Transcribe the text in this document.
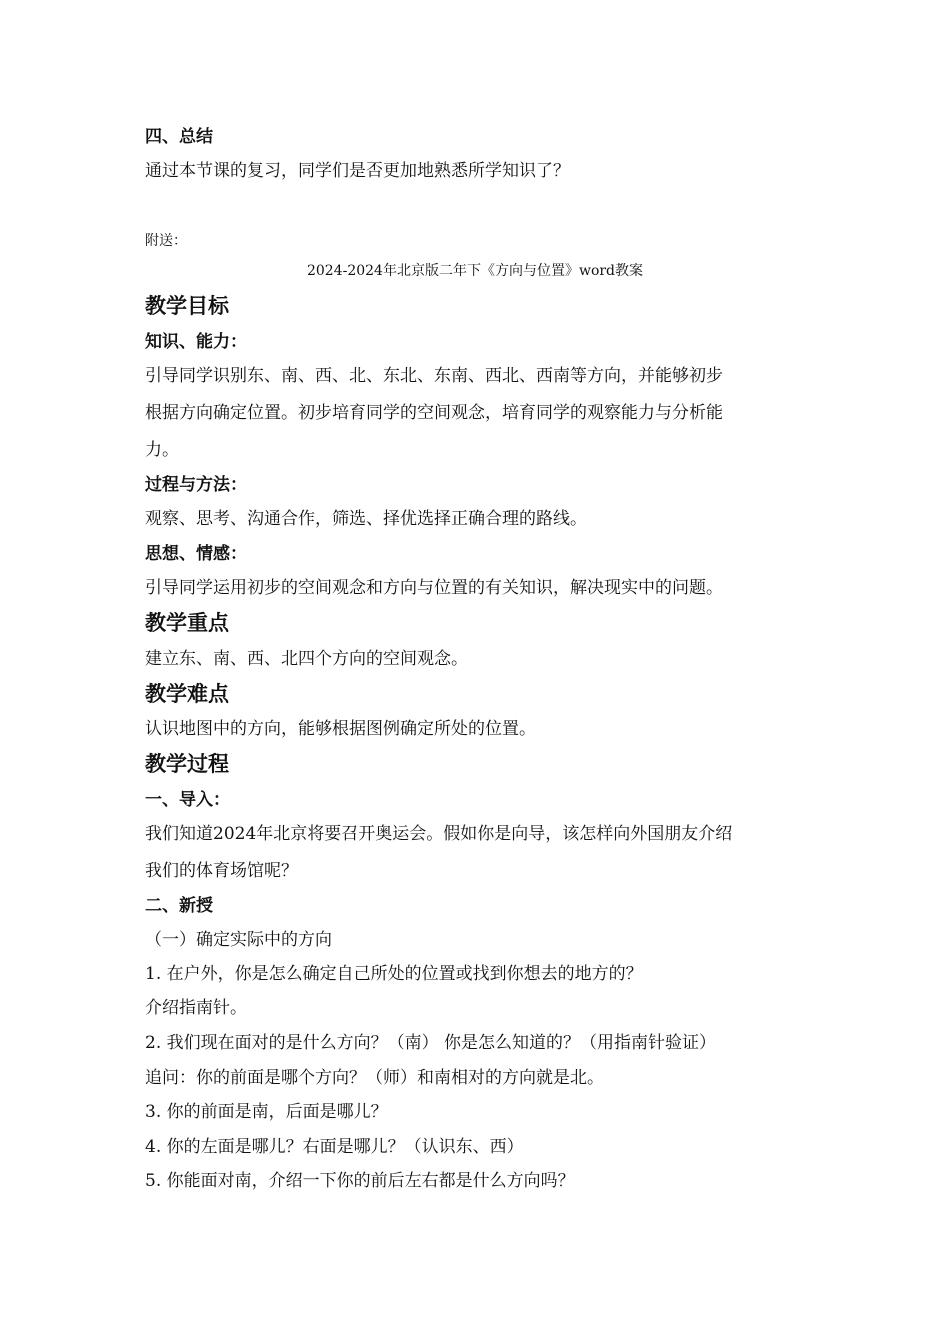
四、总结
通过本节课的复习，同学们是否更加地熟悉所学知识了？
附送：
2024-2024年北京版二年下《方向与位置》word教案
教学目标
知识、能力：
引导同学识别东、南、西、北、东北、东南、西北、西南等方向，并能够初步
根据方向确定位置。初步培育同学的空间观念，培育同学的观察能力与分析能
力。
过程与方法：
观察、思考、沟通合作，筛选、择优选择正确合理的路线。
思想、情感：
引导同学运用初步的空间观念和方向与位置的有关知识，解决现实中的问题。
教学重点
建立东、南、西、北四个方向的空间观念。
教学难点
认识地图中的方向，能够根据图例确定所处的位置。
教学过程
一、导入：
我们知道2024年北京将要召开奥运会。假如你是向导，该怎样向外国朋友介绍
我们的体育场馆呢？
二、新授
（一）确定实际中的方向
1. 在户外，你是怎么确定自己所处的位置或找到你想去的地方的？
介绍指南针。
2. 我们现在面对的是什么方向？（南） 你是怎么知道的？（用指南针验证）
追问：你的前面是哪个方向？（师）和南相对的方向就是北。
3. 你的前面是南，后面是哪儿？
4. 你的左面是哪儿？右面是哪儿？（认识东、西）
5. 你能面对南，介绍一下你的前后左右都是什么方向吗？
